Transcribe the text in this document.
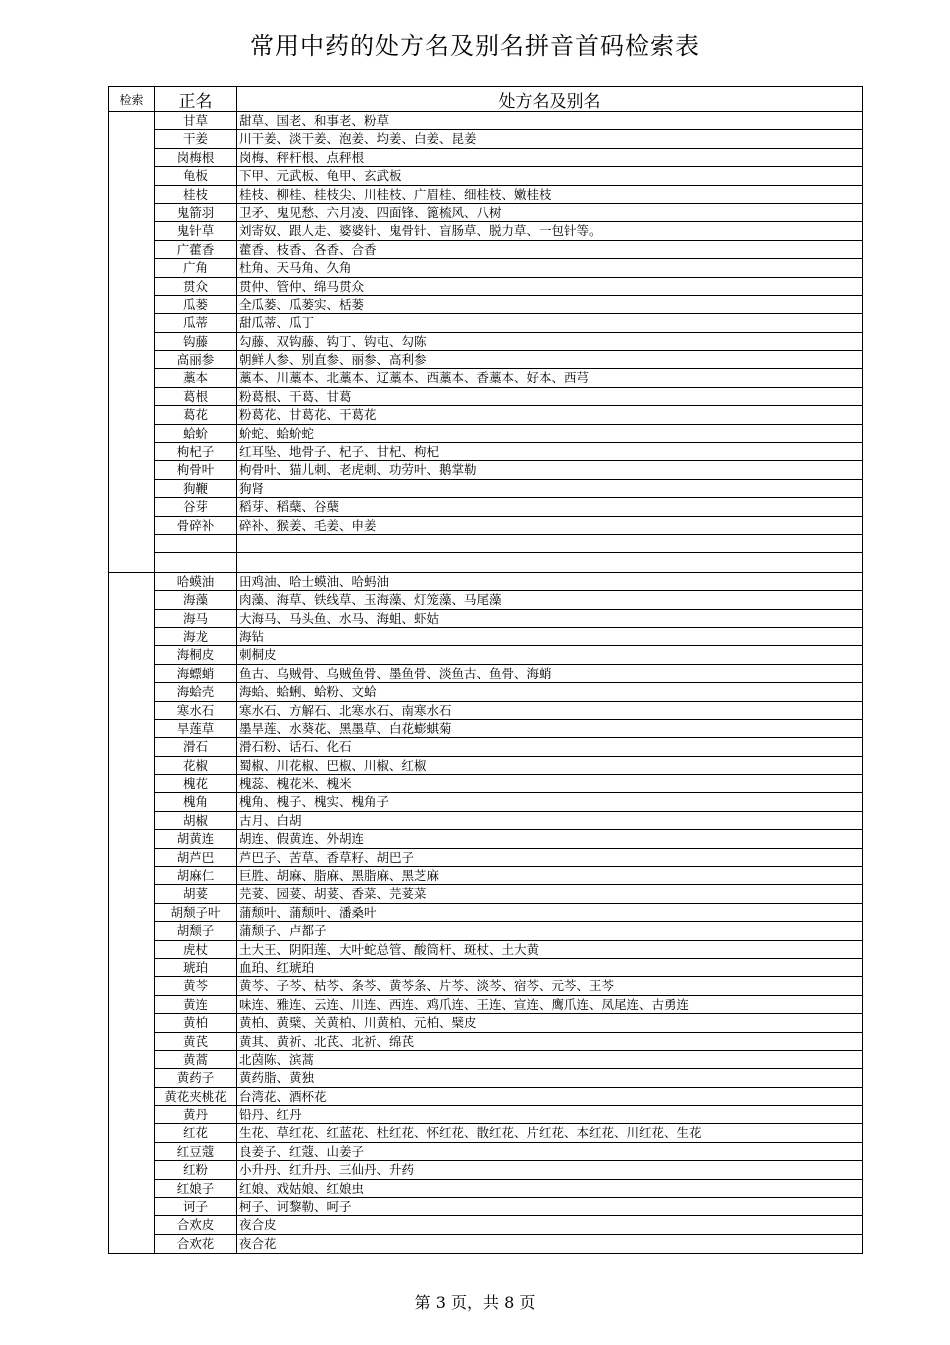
常用中药的处方名及别名拼音首码检索表
检索	正名	处方名及别名
甘草	甜草、国老、和事老、粉草
干姜	川干姜、淡干姜、泡姜、均姜、白姜、昆姜
岗梅根	岗梅、秤杆根、点秤根
龟板	下甲、元武板、龟甲、玄武板
桂枝	桂枝、柳桂、桂枝尖、川桂枝、广眉桂、细桂枝、嫩桂枝
鬼箭羽	卫矛、鬼见愁、六月凌、四面锋、篦梳风、八树
鬼针草	刘寄奴、跟人走、婆婆针、鬼骨针、盲肠草、脱力草、一包针等。
广藿香	藿香、枝香、各香、合香
广角	杜角、天马角、久角
贯众	贯仲、管仲、绵马贯众
瓜蒌	全瓜蒌、瓜蒌实、栝蒌
瓜蒂	甜瓜蒂、瓜丁
钩藤	勾藤、双钩藤、钩丁、钩屯、勾陈
高丽参	朝鲜人参、别直参、丽参、高利参
藁本	藁本、川藁本、北藁本、辽藁本、西藁本、香藁本、好本、西芎
葛根	粉葛根、干葛、甘葛
葛花	粉葛花、甘葛花、干葛花
蛤蚧	蚧蛇、蛤蚧蛇
枸杞子	红耳坠、地骨子、杞子、甘杞、枸杞
枸骨叶	枸骨叶、猫儿刺、老虎刺、功劳叶、鹅掌勒
狗鞭	狗肾
谷芽	稻芽、稻蘖、谷蘖
骨碎补	碎补、猴姜、毛姜、申姜
哈蟆油	田鸡油、哈士蟆油、哈蚂油
海藻	肉藻、海草、铁线草、玉海藻、灯笼藻、马尾藻
海马	大海马、马头鱼、水马、海蛆、虾姑
海龙	海钻
海桐皮	刺桐皮
海螵蛸	鱼古、乌贼骨、乌贼鱼骨、墨鱼骨、淡鱼古、鱼骨、海蛸
海蛤壳	海蛤、蛤蜊、蛤粉、文蛤
寒水石	寒水石、方解石、北寒水石、南寒水石
旱莲草	墨旱莲、水葵花、黑墨草、白花蟛蜞菊
滑石	滑石粉、话石、化石
花椒	蜀椒、川花椒、巴椒、川椒、红椒
槐花	槐蕊、槐花米、槐米
槐角	槐角、槐子、槐实、槐角子
胡椒	古月、白胡
胡黄连	胡连、假黄连、外胡连
胡芦巴	芦巴子、苦草、香草籽、胡巴子
胡麻仁	巨胜、胡麻、脂麻、黑脂麻、黑芝麻
胡荽	芫荽、园荽、胡荽、香菜、芫荽菜
胡颓子叶	蒲颓叶、蒲颓叶、潘桑叶
胡颓子	蒲颓子、卢都子
虎杖	土大王、阴阳莲、大叶蛇总管、酸筒杆、斑杖、土大黄
琥珀	血珀、红琥珀
黄芩	黄芩、子芩、枯芩、条芩、黄芩条、片芩、淡芩、宿芩、元芩、王芩
黄连	味连、雅连、云连、川连、西连、鸡爪连、王连、宣连、鹰爪连、凤尾连、古勇连
黄柏	黄柏、黄檗、关黄柏、川黄柏、元柏、檗皮
黄芪	黄其、黄祈、北芪、北祈、绵芪
黄蒿	北茵陈、滨蒿
黄药子	黄药脂、黄独
黄花夹桃花 台湾花、酒杯花
黄丹	铅丹、红丹
红花	生花、草红花、红蓝花、杜红花、怀红花、散红花、片红花、本红花、川红花、生花
红豆蔻	良姜子、红蔻、山姜子
红粉	小升丹、红升丹、三仙丹、升药
红娘子	红娘、戏姑娘、红娘虫
诃子	柯子、诃黎勒、呵子
合欢皮	夜合皮
合欢花	夜合花
第 3 页，共 8 页
